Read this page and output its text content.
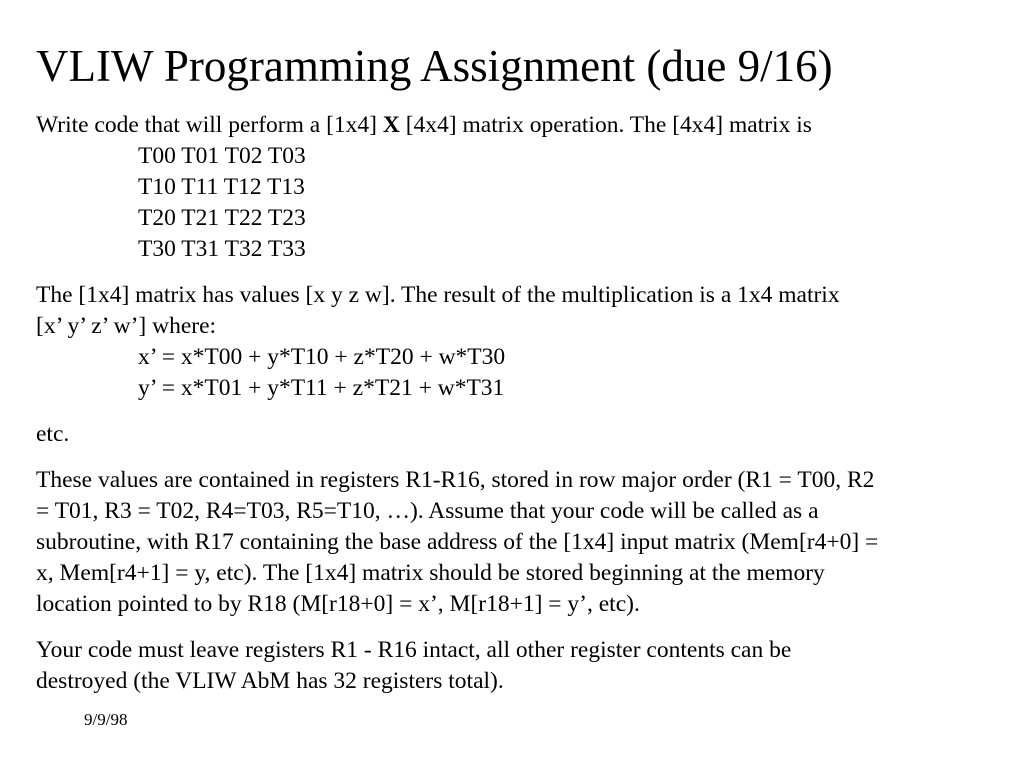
VLIW Programming Assignment (due 9/16)
Write code that will perform a [1x4] X [4x4] matrix operation. The [4x4] matrix is
T00 T01 T02 T03
T10 T11 T12 T13
T20 T21 T22 T23
T30 T31 T32 T33
The [1x4] matrix has values [x y z w]. The result of the multiplication is a 1x4 matrix
[x’ y’ z’ w’] where:
x’ = x*T00 + y*T10 + z*T20 + w*T30
y’ = x*T01 + y*T11 + z*T21 + w*T31
etc.
These values are contained in registers R1-R16, stored in row major order (R1 = T00, R2
= T01, R3 = T02, R4=T03, R5=T10, …). Assume that your code will be called as a
subroutine, with R17 containing the base address of the [1x4] input matrix (Mem[r4+0] =
x, Mem[r4+1] = y, etc). The [1x4] matrix should be stored beginning at the memory
location pointed to by R18 (M[r18+0] = x’, M[r18+1] = y’, etc).
Your code must leave registers R1 - R16 intact, all other register contents can be
destroyed (the VLIW AbM has 32 registers total).
9/9/98
